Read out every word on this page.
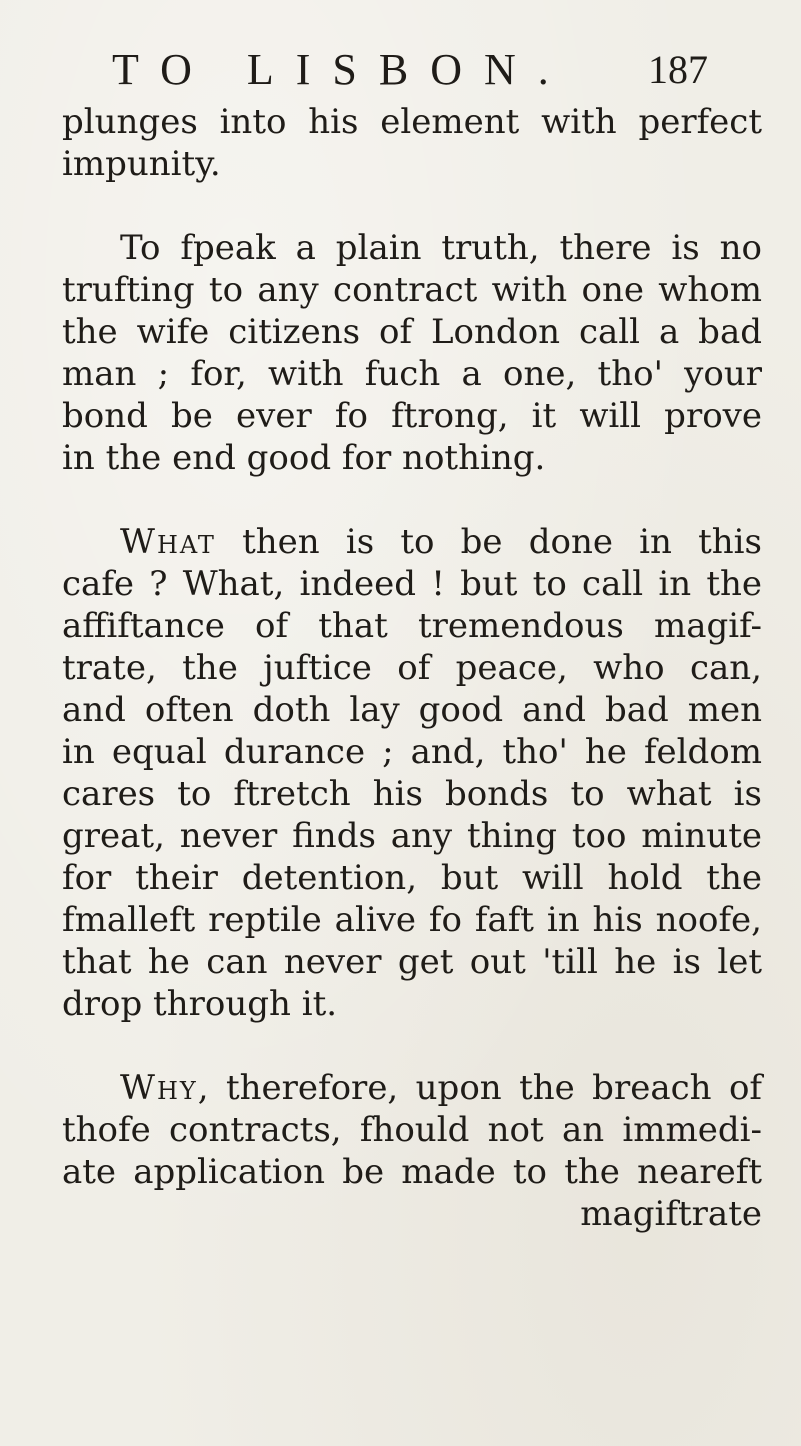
TO LISBON. 187
plunges into his element with perfect
impunity.
To fpeak a plain truth, there is no
trufting to any contract with one whom
the wife citizens of London call a bad
man ; for, with fuch a one, tho' your
bond be ever fo ftrong, it will prove
in the end good for nothing.
What then is to be done in this
cafe ? What, indeed ! but to call in the
affiftance of that tremendous magif-
trate, the juftice of peace, who can,
and often doth lay good and bad men
in equal durance ; and, tho' he feldom
cares to ftretch his bonds to what is
great, never finds any thing too minute
for their detention, but will hold the
fmalleft reptile alive fo faft in his noofe,
that he can never get out 'till he is let
drop through it.
Why, therefore, upon the breach of
thofe contracts, fhould not an immedi-
ate application be made to the neareft
magiftrate
